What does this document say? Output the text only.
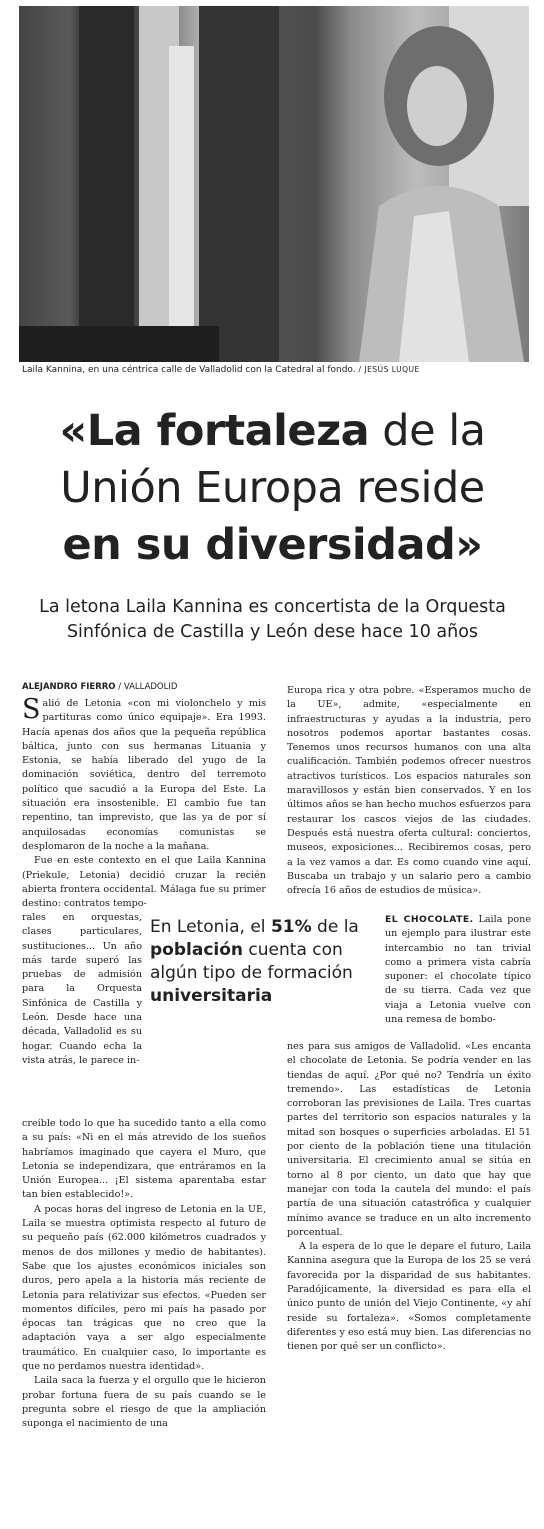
Laila Kannina, en una céntrica calle de Valladolid con la Catedral al fondo. / JESÚS LUQUE
«La fortaleza de la
Unión Europa reside
en su diversidad»
La letona Laila Kannina es concertista de la Orquesta Sinfónica de Castilla y León dese hace 10 años
ALEJANDRO FIERRO / VALLADOLID

Salió de Letonia «con mi violonchelo y mis partituras como único equipaje». Era 1993. Hacía apenas dos años que la pequeña república báltica, junto con sus hermanas Lituania y Estonia, se había liberado del yugo de la dominación soviética, dentro del terremoto político que sacudió a la Europa del Este. La situación era insostenible. El cambio fue tan repentino, tan imprevisto, que las ya de por sí anquilosadas economías comunistas se desplomaron de la noche a la mañana.

Fue en este contexto en el que Laila Kannina (Priekule, Letonia) decidió cruzar la recién abierta frontera occidental. Málaga fue su primer destino: contratos tempo-

rales en orquestas, clases particulares, sustituciones... Un año más tarde superó las pruebas de admisión para la Orquesta Sinfónica de Castilla y León. Desde hace una década, Valladolid es su hogar. Cuando echa la vista atrás, le parece in-

En Letonia, el 51% de la población cuenta con algún tipo de formación universitaria

creíble todo lo que ha sucedido tanto a ella como a su país: «Ni en el más atrevido de los sueños habríamos imaginado que cayera el Muro, que Letonia se independizara, que entráramos en la Unión Europea... ¡El sistema aparentaba estar tan bien establecido!».

A pocas horas del ingreso de Letonia en la UE, Laila se muestra optimista respecto al futuro de su pequeño país (62.000 kilómetros cuadrados y menos de dos millones y medio de habitantes). Sabe que los ajustes económicos iniciales son duros, pero apela a la historia más reciente de Letonia para relativizar sus efectos. «Pueden ser momentos difíciles, pero mi país ha pasado por épocas tan trágicas que no creo que la adaptación vaya a ser algo especialmente traumático. En cualquier caso, lo importante es que no perdamos nuestra identidad».

Laila saca la fuerza y el orgullo que le hicieron probar fortuna fuera de su país cuando se le pregunta sobre el riesgo de que la ampliación suponga el nacimiento de una

Europa rica y otra pobre. «Esperamos mucho de la UE», admite, «especialmente en infraestructuras y ayudas a la industria, pero nosotros podemos aportar bastantes cosas. Tenemos unos recursos humanos con una alta cualificación. También podemos ofrecer nuestros atractivos turísticos. Los espacios naturales son maravillosos y están bien conservados. Y en los últimos años se han hecho muchos esfuerzos para restaurar los cascos viejos de las ciudades. Después está nuestra oferta cultural: conciertos, museos, exposiciones... Recibiremos cosas, pero a la vez vamos a dar. Es como cuando vine aquí. Buscaba un trabajo y un salario pero a cambio ofrecía 16 años de estudios de música».

EL CHOCOLATE. Laila pone un ejemplo para ilustrar este intercambio no tan trivial como a primera vista cabría suponer: el chocolate típico de su tierra. Cada vez que viaja a Letonia vuelve con una remesa de bombo-

nes para sus amigos de Valladolid. «Les encanta el chocolate de Letonia. Se podría vender en las tiendas de aquí. ¿Por qué no? Tendría un éxito tremendo». Las estadísticas de Letonia corroboran las previsiones de Laila. Tres cuartas partes del territorio son espacios naturales y la mitad son bosques o superficies arboladas. El 51 por ciento de la población tiene una titulación universitaria. El crecimiento anual se sitúa en torno al 8 por ciento, un dato que hay que manejar con toda la cautela del mundo: el país partía de una situación catastrófica y cualquier mínimo avance se traduce en un alto incremento porcentual.

A la espera de lo que le depare el futuro, Laila Kannina asegura que la Europa de los 25 se verá favorecida por la disparidad de sus habitantes. Paradójicamente, la diversidad es para ella el único punto de unión del Viejo Continente, «y ahí reside su fortaleza». «Somos completamente diferentes y eso está muy bien. Las diferencias no tienen por qué ser un conflicto».
